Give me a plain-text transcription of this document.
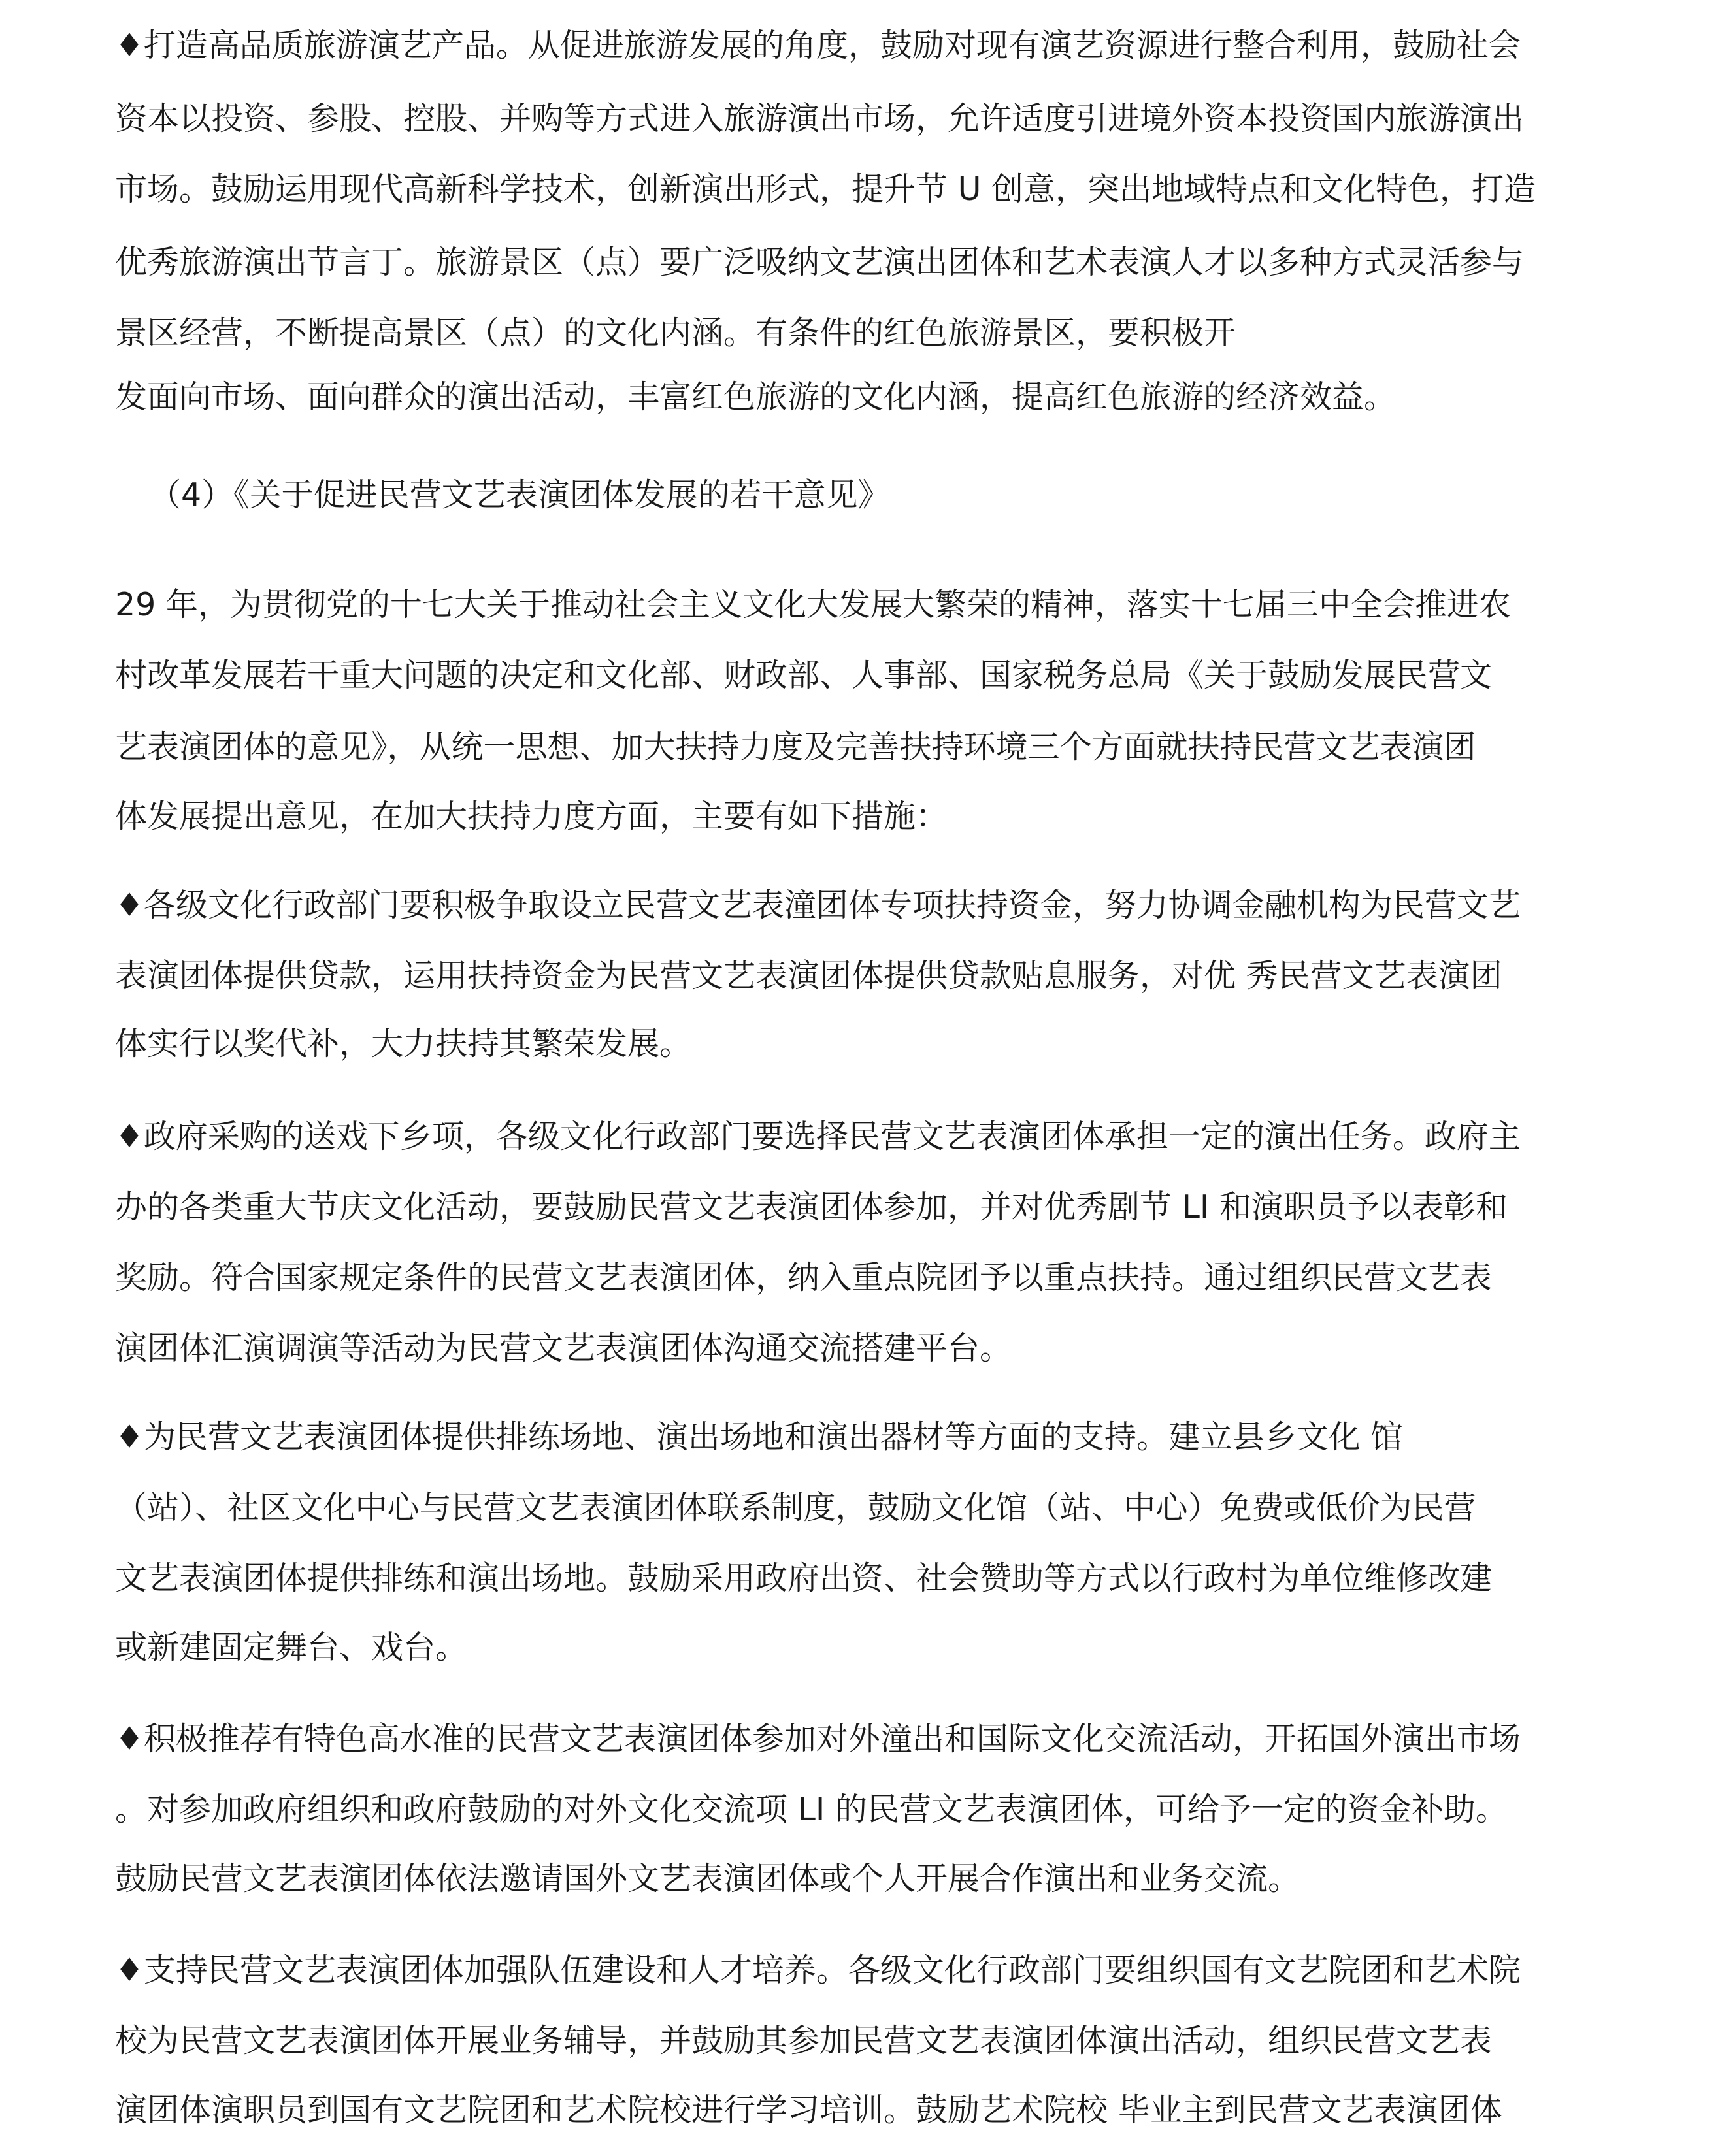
♦打造高品质旅游演艺产品。从促进旅游发展的角度，鼓励对现有演艺资源进行整合利用，鼓励社会
资本以投资、参股、控股、并购等方式进入旅游演出市场，允许适度引进境外资本投资国内旅游演出
市场。鼓励运用现代高新科学技术，创新演出形式，提升节 U 创意，突出地域特点和文化特色，打造
优秀旅游演出节言丁。旅游景区（点）要广泛吸纳文艺演出团体和艺术表演人才以多种方式灵活参与
景区经营，不断提高景区（点）的文化内涵。有条件的红色旅游景区，要积极开
发面向市场、面向群众的演出活动，丰富红色旅游的文化内涵，提高红色旅游的经济效益。
（4）《关于促进民营文艺表演团体发展的若干意见》
29 年，为贯彻党的十七大关于推动社会主义文化大发展大繁荣的精神，落实十七届三中全会推进农
村改革发展若干重大问题的决定和文化部、财政部、人事部、国家税务总局《关于鼓励发展民营文
艺表演团体的意见》，从统一思想、加大扶持力度及完善扶持环境三个方面就扶持民营文艺表演团
体发展提出意见，在加大扶持力度方面，主要有如下措施：
♦各级文化行政部门要积极争取设立民营文艺表潼团体专项扶持资金，努力协调金融机构为民营文艺
表演团体提供贷款，运用扶持资金为民营文艺表演团体提供贷款贴息服务，对优 秀民营文艺表演团
体实行以奖代补，大力扶持其繁荣发展。
♦政府采购的送戏下乡项，各级文化行政部门要选择民营文艺表演团体承担一定的演出任务。政府主
办的各类重大节庆文化活动，要鼓励民营文艺表演团体参加，并对优秀剧节 LI 和演职员予以表彰和
奖励。符合国家规定条件的民营文艺表演团体，纳入重点院团予以重点扶持。通过组织民营文艺表
演团体汇演调演等活动为民营文艺表演团体沟通交流搭建平台。
♦为民营文艺表演团体提供排练场地、演出场地和演出器材等方面的支持。建立县乡文化 馆
（站）、社区文化中心与民营文艺表演团体联系制度，鼓励文化馆（站、中心）免费或低价为民营
文艺表演团体提供排练和演出场地。鼓励采用政府出资、社会赞助等方式以行政村为单位维修改建
或新建固定舞台、戏台。
♦积极推荐有特色高水准的民营文艺表演团体参加对外潼出和国际文化交流活动，开拓国外演出市场
。对参加政府组织和政府鼓励的对外文化交流项 LI 的民营文艺表演团体，可给予一定的资金补助。
鼓励民营文艺表演团体依法邀请国外文艺表演团体或个人开展合作演出和业务交流。
♦支持民营文艺表演团体加强队伍建设和人才培养。各级文化行政部门要组织国有文艺院团和艺术院
校为民营文艺表演团体开展业务辅导，并鼓励其参加民营文艺表演团体演出活动，组织民营文艺表
演团体演职员到国有文艺院团和艺术院校进行学习培训。鼓励艺术院校 毕业主到民营文艺表演团体
